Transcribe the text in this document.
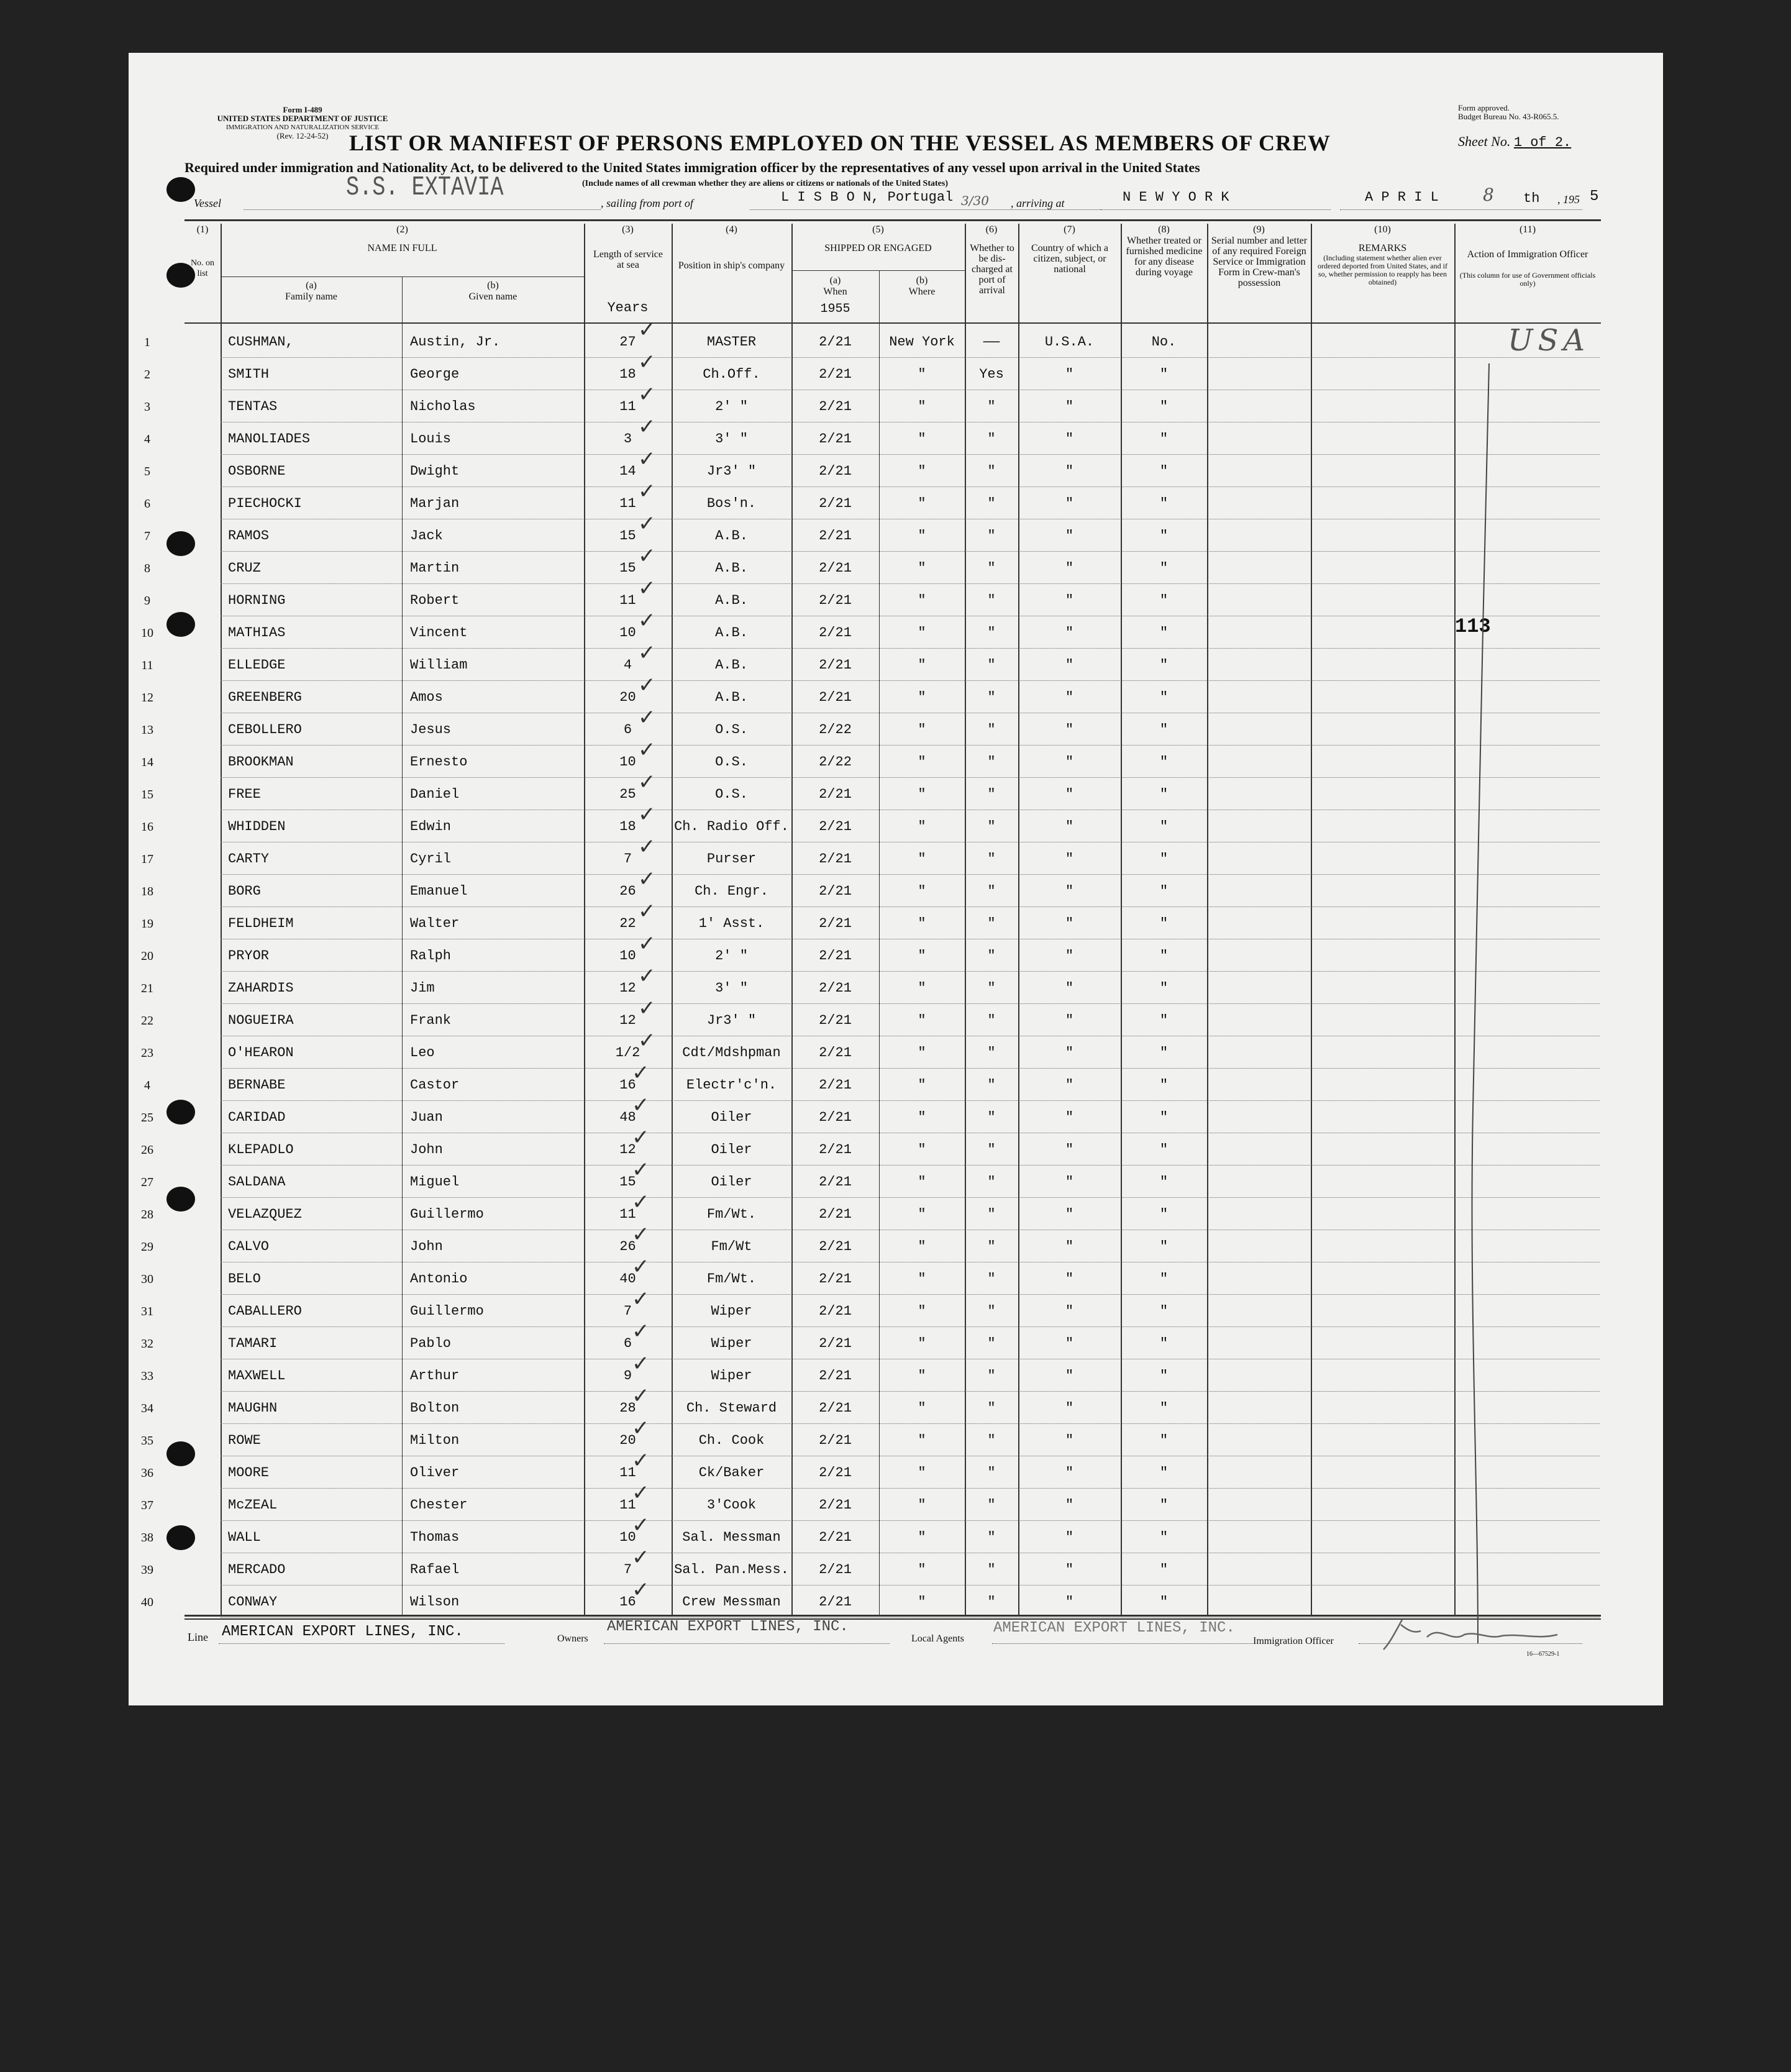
Form I-489
UNITED STATES DEPARTMENT OF JUSTICE
IMMIGRATION AND NATURALIZATION SERVICE
(Rev. 12-24-52)
Form approved.
Budget Bureau No. 43-R065.5.
LIST OR MANIFEST OF PERSONS EMPLOYED ON THE VESSEL AS MEMBERS OF CREW	Sheet No. 1 of 2.
Required under immigration and Nationality Act, to be delivered to the United States immigration officer by the representatives of any vessel upon arrival in the United States
(Include names of all crewman whether they are aliens or citizens or nationals of the United States)
Vessel	S.S. EXTAVIA	, sailing from port of	L I S B O N, Portugal 3/30 , arriving at	N E W Y O R K	A P R I L	8 th , 195 5
(1)	(2)	(3)	(4)	(5)	(6)	(7)	(8)	(9)	(10)	(11)
No. on list
NAME IN FULL
(a)
Family name
(b)
Given name
Length of service at sea
Years
Position in ship's company
SHIPPED OR ENGAGED
(a)
When
1955
(b)
Where
Whether to be dis-charged at port of arrival
Country of which a citizen, subject, or national
Whether treated or furnished medicine for any disease during voyage
Serial number and letter of any required Foreign Service or Immigration Form in Crew-man's possession
REMARKS
(Including statement whether alien ever ordered deported from United States, and if so, whether permission to reapply has been obtained)
Action of Immigration Officer
(This column for use of Government officials only)
1	CUSHMAN,	Austin, Jr.	27	MASTER	2/21	New York	——	U.S.A.	No.
✓
2	SMITH	George	18	Ch.Off.	2/21	"	Yes	"	"
✓
3	TENTAS	Nicholas	11	2' "	2/21	"	"	"	"
✓
4	MANOLIADES	Louis	3	3' "	2/21	"	"	"	"
✓
5	OSBORNE	Dwight	14	Jr3' "	2/21	"	"	"	"
✓
6	PIECHOCKI	Marjan	11	Bos'n.	2/21	"	"	"	"
✓
7	RAMOS	Jack	15	A.B.	2/21	"	"	"	"
✓
8	CRUZ	Martin	15	A.B.	2/21	"	"	"	"
✓
9	HORNING	Robert	11	A.B.	2/21	"	"	"	"
✓
10	MATHIAS	Vincent	10	A.B.	2/21	"	"	"	"
✓
11	ELLEDGE	William	4	A.B.	2/21	"	"	"	"
✓
12	GREENBERG	Amos	20	A.B.	2/21	"	"	"	"
✓
13	CEBOLLERO	Jesus	6	O.S.	2/22	"	"	"	"
✓
14	BROOKMAN	Ernesto	10	O.S.	2/22	"	"	"	"
✓
15	FREE	Daniel	25	O.S.	2/21	"	"	"	"
✓
16	WHIDDEN	Edwin	18	Ch. Radio Off.	2/21	"	"	"	"
✓
17	CARTY	Cyril	7	Purser	2/21	"	"	"	"
✓
18	BORG	Emanuel	26	Ch. Engr.	2/21	"	"	"	"
✓
19	FELDHEIM	Walter	22	1' Asst.	2/21	"	"	"	"
✓
20	PRYOR	Ralph	10	2' "	2/21	"	"	"	"
✓
21	ZAHARDIS	Jim	12	3' "	2/21	"	"	"	"
✓
22	NOGUEIRA	Frank	12	Jr3' "	2/21	"	"	"	"
✓
23	O'HEARON	Leo	1/2	Cdt/Mdshpman	2/21	"	"	"	"
✓
4	BERNABE	Castor	16	Electr'c'n.	2/21	"	"	"	"
✓
25	CARIDAD	Juan	48	Oiler	2/21	"	"	"	"
✓
26	KLEPADLO	John	12	Oiler	2/21	"	"	"	"
✓
27	SALDANA	Miguel	15	Oiler	2/21	"	"	"	"
✓
28	VELAZQUEZ	Guillermo	11	Fm/Wt.	2/21	"	"	"	"
✓
29	CALVO	John	26	Fm/Wt	2/21	"	"	"	"
✓
30	BELO	Antonio	40	Fm/Wt.	2/21	"	"	"	"
✓
31	CABALLERO	Guillermo	7	Wiper	2/21	"	"	"	"
✓
32	TAMARI	Pablo	6	Wiper	2/21	"	"	"	"
✓
33	MAXWELL	Arthur	9	Wiper	2/21	"	"	"	"
✓
34	MAUGHN	Bolton	28	Ch. Steward	2/21	"	"	"	"
✓
35	ROWE	Milton	20	Ch. Cook	2/21	"	"	"	"
✓
36	MOORE	Oliver	11	Ck/Baker	2/21	"	"	"	"
✓
37	McZEAL	Chester	11	3'Cook	2/21	"	"	"	"
✓
38	WALL	Thomas	10	Sal. Messman	2/21	"	"	"	"
✓
39	MERCADO	Rafael	7	Sal. Pan.Mess.	2/21	"	"	"	"
✓
40	CONWAY	Wilson	16	Crew Messman	2/21	"	"	"	"
✓
USA
113
Line AMERICAN EXPORT LINES, INC.	Owners
AMERICAN EXPORT LINES, INC.
Local Agents
AMERICAN EXPORT LINES, INC.
Immigration Officer
16—67529-1
